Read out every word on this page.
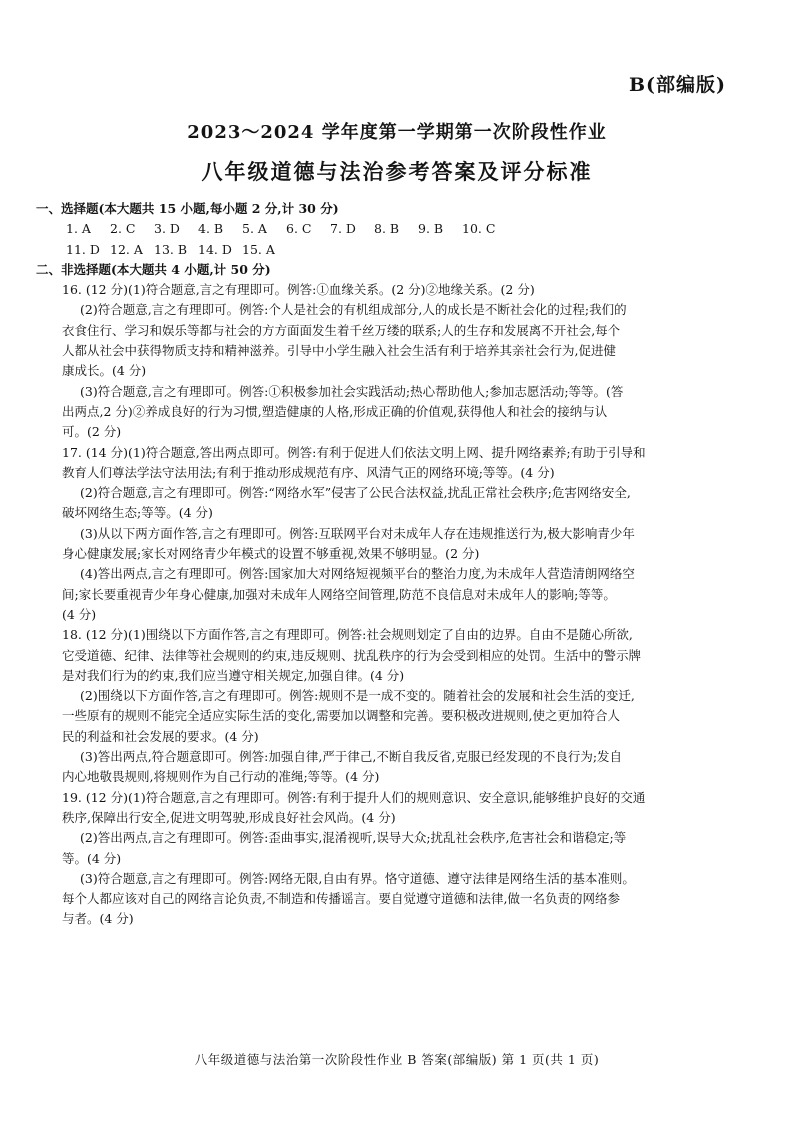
B(部编版)
2023～2024 学年度第一学期第一次阶段性作业
八年级道德与法治参考答案及评分标准
一、选择题(本大题共 15 小题,每小题 2 分,计 30 分)
1. A 2. C 3. D 4. B 5. A 6. C 7. D 8. B 9. B 10. C
11. D 12. A 13. B 14. D 15. A
二、非选择题(本大题共 4 小题,计 50 分)
16. (12 分)(1)符合题意,言之有理即可。例答:①血缘关系。(2 分)②地缘关系。(2 分)
(2)符合题意,言之有理即可。例答:个人是社会的有机组成部分,人的成长是不断社会化的过程;我们的
衣食住行、学习和娱乐等都与社会的方方面面发生着千丝万缕的联系;人的生存和发展离不开社会,每个
人都从社会中获得物质支持和精神滋养。引导中小学生融入社会生活有利于培养其亲社会行为,促进健
康成长。(4 分)
(3)符合题意,言之有理即可。例答:①积极参加社会实践活动;热心帮助他人;参加志愿活动;等等。(答
出两点,2 分)②养成良好的行为习惯,塑造健康的人格,形成正确的价值观,获得他人和社会的接纳与认
可。(2 分)
17. (14 分)(1)符合题意,答出两点即可。例答:有利于促进人们依法文明上网、提升网络素养;有助于引导和
教育人们尊法学法守法用法;有利于推动形成规范有序、风清气正的网络环境;等等。(4 分)
(2)符合题意,言之有理即可。例答:“网络水军”侵害了公民合法权益,扰乱正常社会秩序;危害网络安全,
破坏网络生态;等等。(4 分)
(3)从以下两方面作答,言之有理即可。例答:互联网平台对未成年人存在违规推送行为,极大影响青少年
身心健康发展;家长对网络青少年模式的设置不够重视,效果不够明显。(2 分)
(4)答出两点,言之有理即可。例答:国家加大对网络短视频平台的整治力度,为未成年人营造清朗网络空
间;家长要重视青少年身心健康,加强对未成年人网络空间管理,防范不良信息对未成年人的影响;等等。
(4 分)
18. (12 分)(1)围绕以下方面作答,言之有理即可。例答:社会规则划定了自由的边界。自由不是随心所欲,
它受道德、纪律、法律等社会规则的约束,违反规则、扰乱秩序的行为会受到相应的处罚。生活中的警示牌
是对我们行为的约束,我们应当遵守相关规定,加强自律。(4 分)
(2)围绕以下方面作答,言之有理即可。例答:规则不是一成不变的。随着社会的发展和社会生活的变迁,
一些原有的规则不能完全适应实际生活的变化,需要加以调整和完善。要积极改进规则,使之更加符合人
民的利益和社会发展的要求。(4 分)
(3)答出两点,符合题意即可。例答:加强自律,严于律己,不断自我反省,克服已经发现的不良行为;发自
内心地敬畏规则,将规则作为自己行动的准绳;等等。(4 分)
19. (12 分)(1)符合题意,言之有理即可。例答:有利于提升人们的规则意识、安全意识,能够维护良好的交通
秩序,保障出行安全,促进文明驾驶,形成良好社会风尚。(4 分)
(2)答出两点,言之有理即可。例答:歪曲事实,混淆视听,误导大众;扰乱社会秩序,危害社会和谐稳定;等
等。(4 分)
(3)符合题意,言之有理即可。例答:网络无限,自由有界。恪守道德、遵守法律是网络生活的基本准则。
每个人都应该对自己的网络言论负责,不制造和传播谣言。要自觉遵守道德和法律,做一名负责的网络参
与者。(4 分)
八年级道德与法治第一次阶段性作业 B 答案(部编版) 第 1 页(共 1 页)
